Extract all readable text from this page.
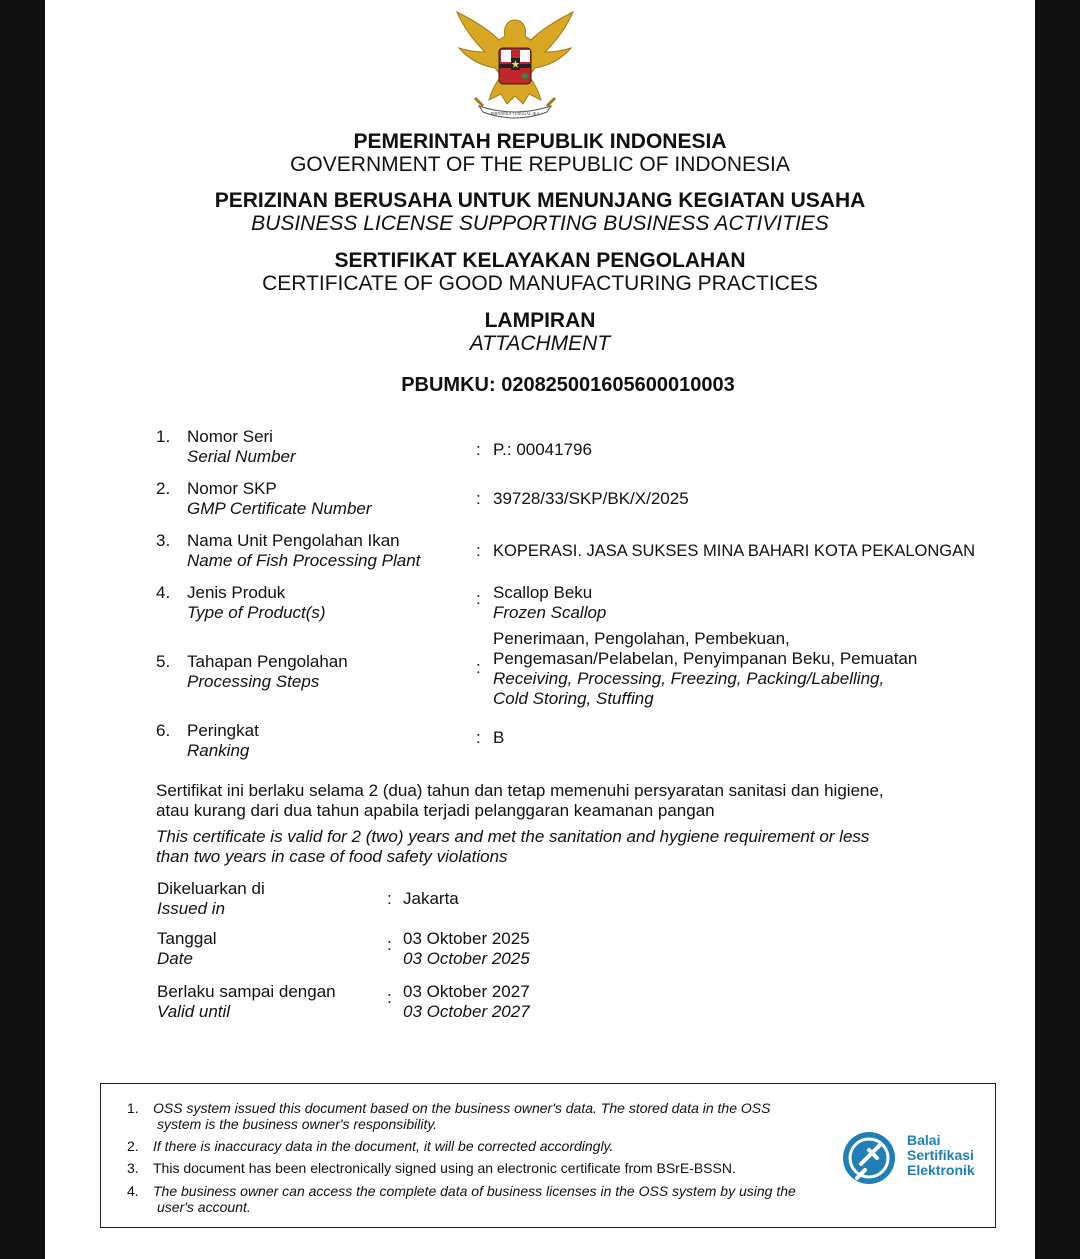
BHINNEKA TUNGGAL IKA
PEMERINTAH REPUBLIK INDONESIA
GOVERNMENT OF THE REPUBLIC OF INDONESIA
PERIZINAN BERUSAHA UNTUK MENUNJANG KEGIATAN USAHA
BUSINESS LICENSE SUPPORTING BUSINESS ACTIVITIES
SERTIFIKAT KELAYAKAN PENGOLAHAN
CERTIFICATE OF GOOD MANUFACTURING PRACTICES
LAMPIRAN
ATTACHMENT
PBUMKU: 020825001605600010003
1. Nomor Seri
Serial Number	: P.: 00041796
2. Nomor SKP
GMP Certificate Number
: 39728/33/SKP/BK/X/2025
3. Nama Unit Pengolahan Ikan
Name of Fish Processing Plant
: KOPERASI. JASA SUKSES MINA BAHARI KOTA PEKALONGAN
4. Jenis Produk
Type of Product(s)
: Scallop Beku
Frozen Scallop
5. Tahapan Pengolahan
Processing Steps
:
Penerimaan, Pengolahan, Pembekuan,
Pengemasan/Pelabelan, Penyimpanan Beku, Pemuatan
Receiving, Processing, Freezing, Packing/Labelling,
Cold Storing, Stuffing
6. Peringkat
Ranking
: B
Sertifikat ini berlaku selama 2 (dua) tahun dan tetap memenuhi persyaratan sanitasi dan higiene,
atau kurang dari dua tahun apabila terjadi pelanggaran keamanan pangan
This certificate is valid for 2 (two) years and met the sanitation and hygiene requirement or less
than two years in case of food safety violations
Dikeluarkan di
Issued in
: Jakarta
Tanggal
Date
: 03 Oktober 2025
03 October 2025
Berlaku sampai dengan
Valid until
: 03 Oktober 2027
03 October 2027
1. OSS system issued this document based on the business owner's data. The stored data in the OSS
system is the business owner's responsibility.
2. If there is inaccuracy data in the document, it will be corrected accordingly.
3. This document has been electronically signed using an electronic certificate from BSrE-BSSN.
4. The business owner can access the complete data of business licenses in the OSS system by using the
user's account.
Balai
Sertifikasi
Elektronik
